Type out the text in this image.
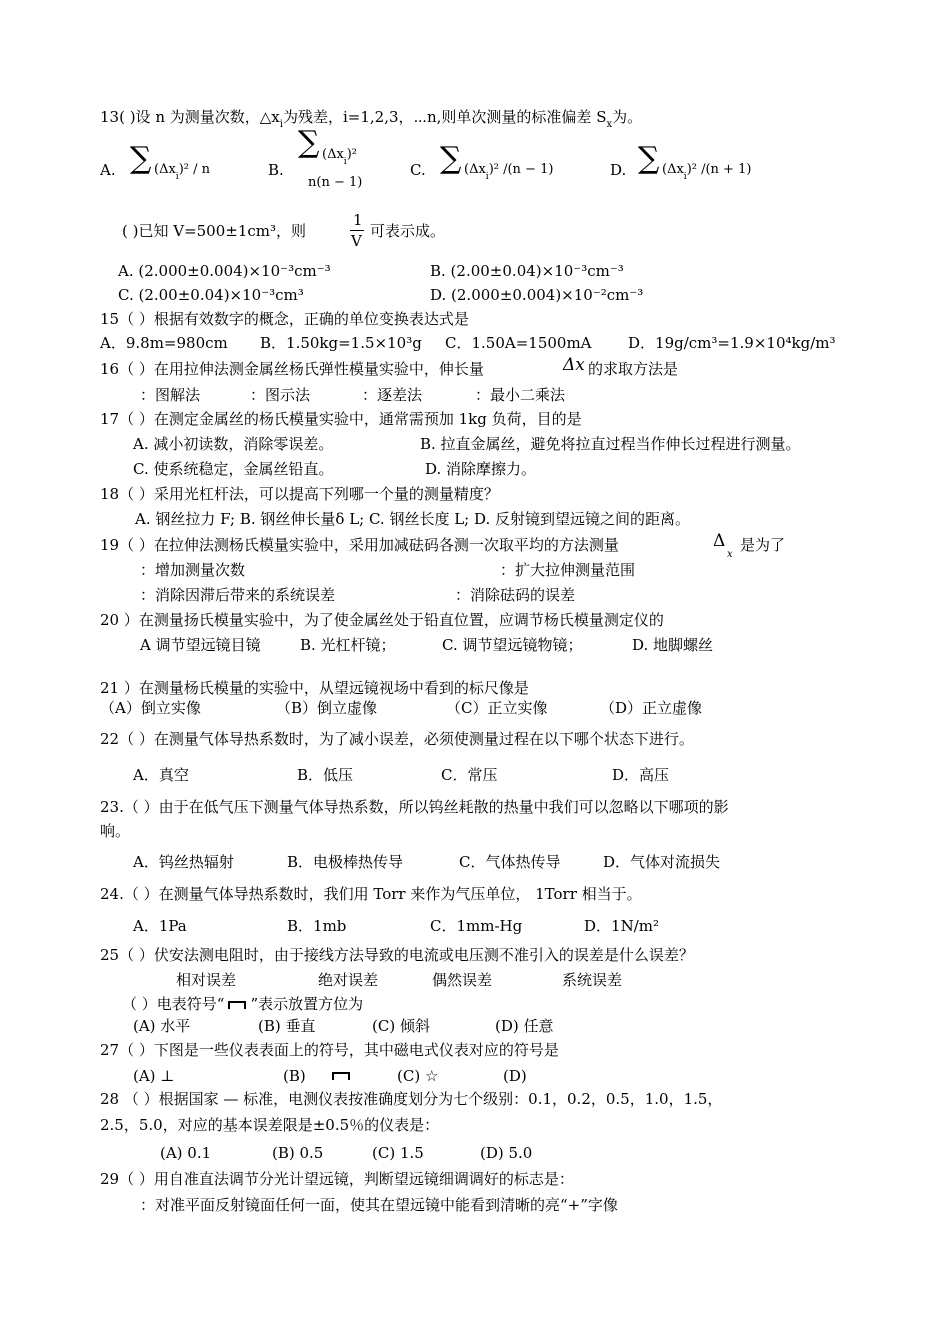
13( )设 n 为测量次数，$\triangle x_i$为残差，i=1,2,3，⋯n,则单次测量的标准偏差 $S_x$为。
A. ∑ $(\Delta x_i)^2$ / n	B.
∑ $(\Delta x_i)^2$
n(n − 1)
C. ∑ $(\Delta x_i)^2$ /(n − 1)	D. ∑ $(\Delta x_i)^2$ /(n + 1)
( )已知 V=500±1cm³，则
1
V
可表示成。
A. (2.000±0.004)×10⁻³cm⁻³	B. (2.00±0.04)×10⁻³cm⁻³
C. (2.00±0.04)×10⁻³cm³	D. (2.000±0.004)×10⁻²cm⁻³
15（ ）根据有效数字的概念，正确的单位变换表达式是
A．9.8m=980cm B．1.50kg=1.5×10³g C．1.50A=1500mA D．19g/cm³=1.9×10⁴kg/m³
16（ ）在用拉伸法测金属丝杨氏弹性模量实验中，伸长量	Δx 的求取方法是
：图解法	：图示法	：逐差法	：最小二乘法
17（ ）在测定金属丝的杨氏模量实验中，通常需预加 1kg 负荷，目的是
A. 减小初读数，消除零误差。	B. 拉直金属丝，避免将拉直过程当作伸长过程进行测量。
C. 使系统稳定，金属丝铅直。	D. 消除摩擦力。
18（ ）采用光杠杆法，可以提高下列哪一个量的测量精度？
A. 钢丝拉力 F; B. 钢丝伸长量δ L; C. 钢丝长度 L; D. 反射镜到望远镜之间的距离。
19（ ）在拉伸法测杨氏模量实验中，采用加减砝码各测一次取平均的方法测量	Δ
x
是为了
：增加测量次数	：扩大拉伸测量范围
：消除因滞后带来的系统误差	：消除砝码的误差
20 ）在测量扬氏模量实验中，为了使金属丝处于铅直位置，应调节杨氏模量测定仪的
A 调节望远镜目镜	B. 光杠杆镜；	C. 调节望远镜物镜；	D. 地脚螺丝
21 ）在测量杨氏模量的实验中，从望远镜视场中看到的标尺像是
（A）倒立实像	（B）倒立虚像	（C）正立实像	（D）正立虚像
22（ ）在测量气体导热系数时，为了减小误差，必须使测量过程在以下哪个状态下进行。
A．真空	B．低压	C．常压	D．高压
23.（ ）由于在低气压下测量气体导热系数，所以钨丝耗散的热量中我们可以忽略以下哪项的影
响。
A．钨丝热辐射	B．电极棒热传导	C．气体热传导	D．气体对流损失
24.（ ）在测量气体导热系数时，我们用 Torr 来作为气压单位， 1Torr 相当于。
A．1Pa	B．1mb	C．1mm-Hg	D．1N/m²
25（ ）伏安法测电阻时，由于接线方法导致的电流或电压测不准引入的误差是什么误差？
相对误差	绝对误差	偶然误差	系统误差
（ ）电表符号“ ”表示放置方位为
(A) 水平	(B) 垂直	(C) 倾斜	(D) 任意
27（ ）下图是一些仪表表面上的符号，其中磁电式仪表对应的符号是
(A) ⊥	(B)	(C) ☆	(D)
28 （ ）根据国家 — 标准，电测仪表按准确度划分为七个级别：0.1，0.2，0.5，1.0，1.5，
2.5，5.0，对应的基本误差限是±0.5％的仪表是：
(A) 0.1	(B) 0.5	(C) 1.5	(D) 5.0
29（ ）用自准直法调节分光计望远镜，判断望远镜细调调好的标志是：
：对准平面反射镜面任何一面，使其在望远镜中能看到清晰的亮“+”字像
